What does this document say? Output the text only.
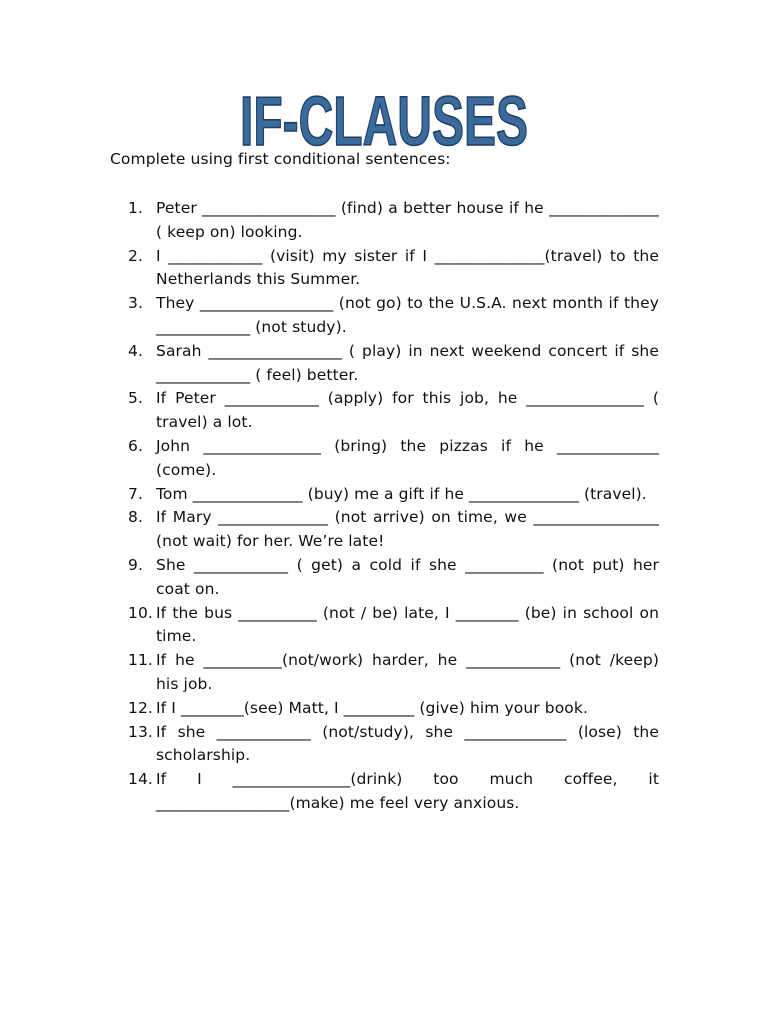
IF-CLAUSES
Complete using first conditional sentences:
1. Peter _________________ (find) a better house if he ______________ ( keep on) looking.
2. I ____________ (visit) my sister if I ______________(travel) to the Netherlands this Summer.
3. They _________________ (not go) to the U.S.A. next month if they ____________ (not study).
4. Sarah _________________ ( play) in next weekend concert if she ____________ ( feel) better.
5. If Peter ____________ (apply) for this job, he _______________ ( travel) a lot.
6. John _______________ (bring) the pizzas if he _____________ (come).
7. Tom ______________ (buy) me a gift if he ______________ (travel).
8. If Mary ______________ (not arrive) on time, we ________________ (not wait) for her. We’re late!
9. She ____________ ( get) a cold if she __________ (not put) her coat on.
10. If the bus __________ (not / be) late, I ________ (be) in school on time.
11. If he __________(not/work) harder, he ____________ (not /keep) his job.
12. If I ________(see) Matt, I _________ (give) him your book.
13. If she ____________ (not/study), she _____________ (lose) the scholarship.
14. If I _______________(drink) too much coffee, it _________________(make) me feel very anxious.
